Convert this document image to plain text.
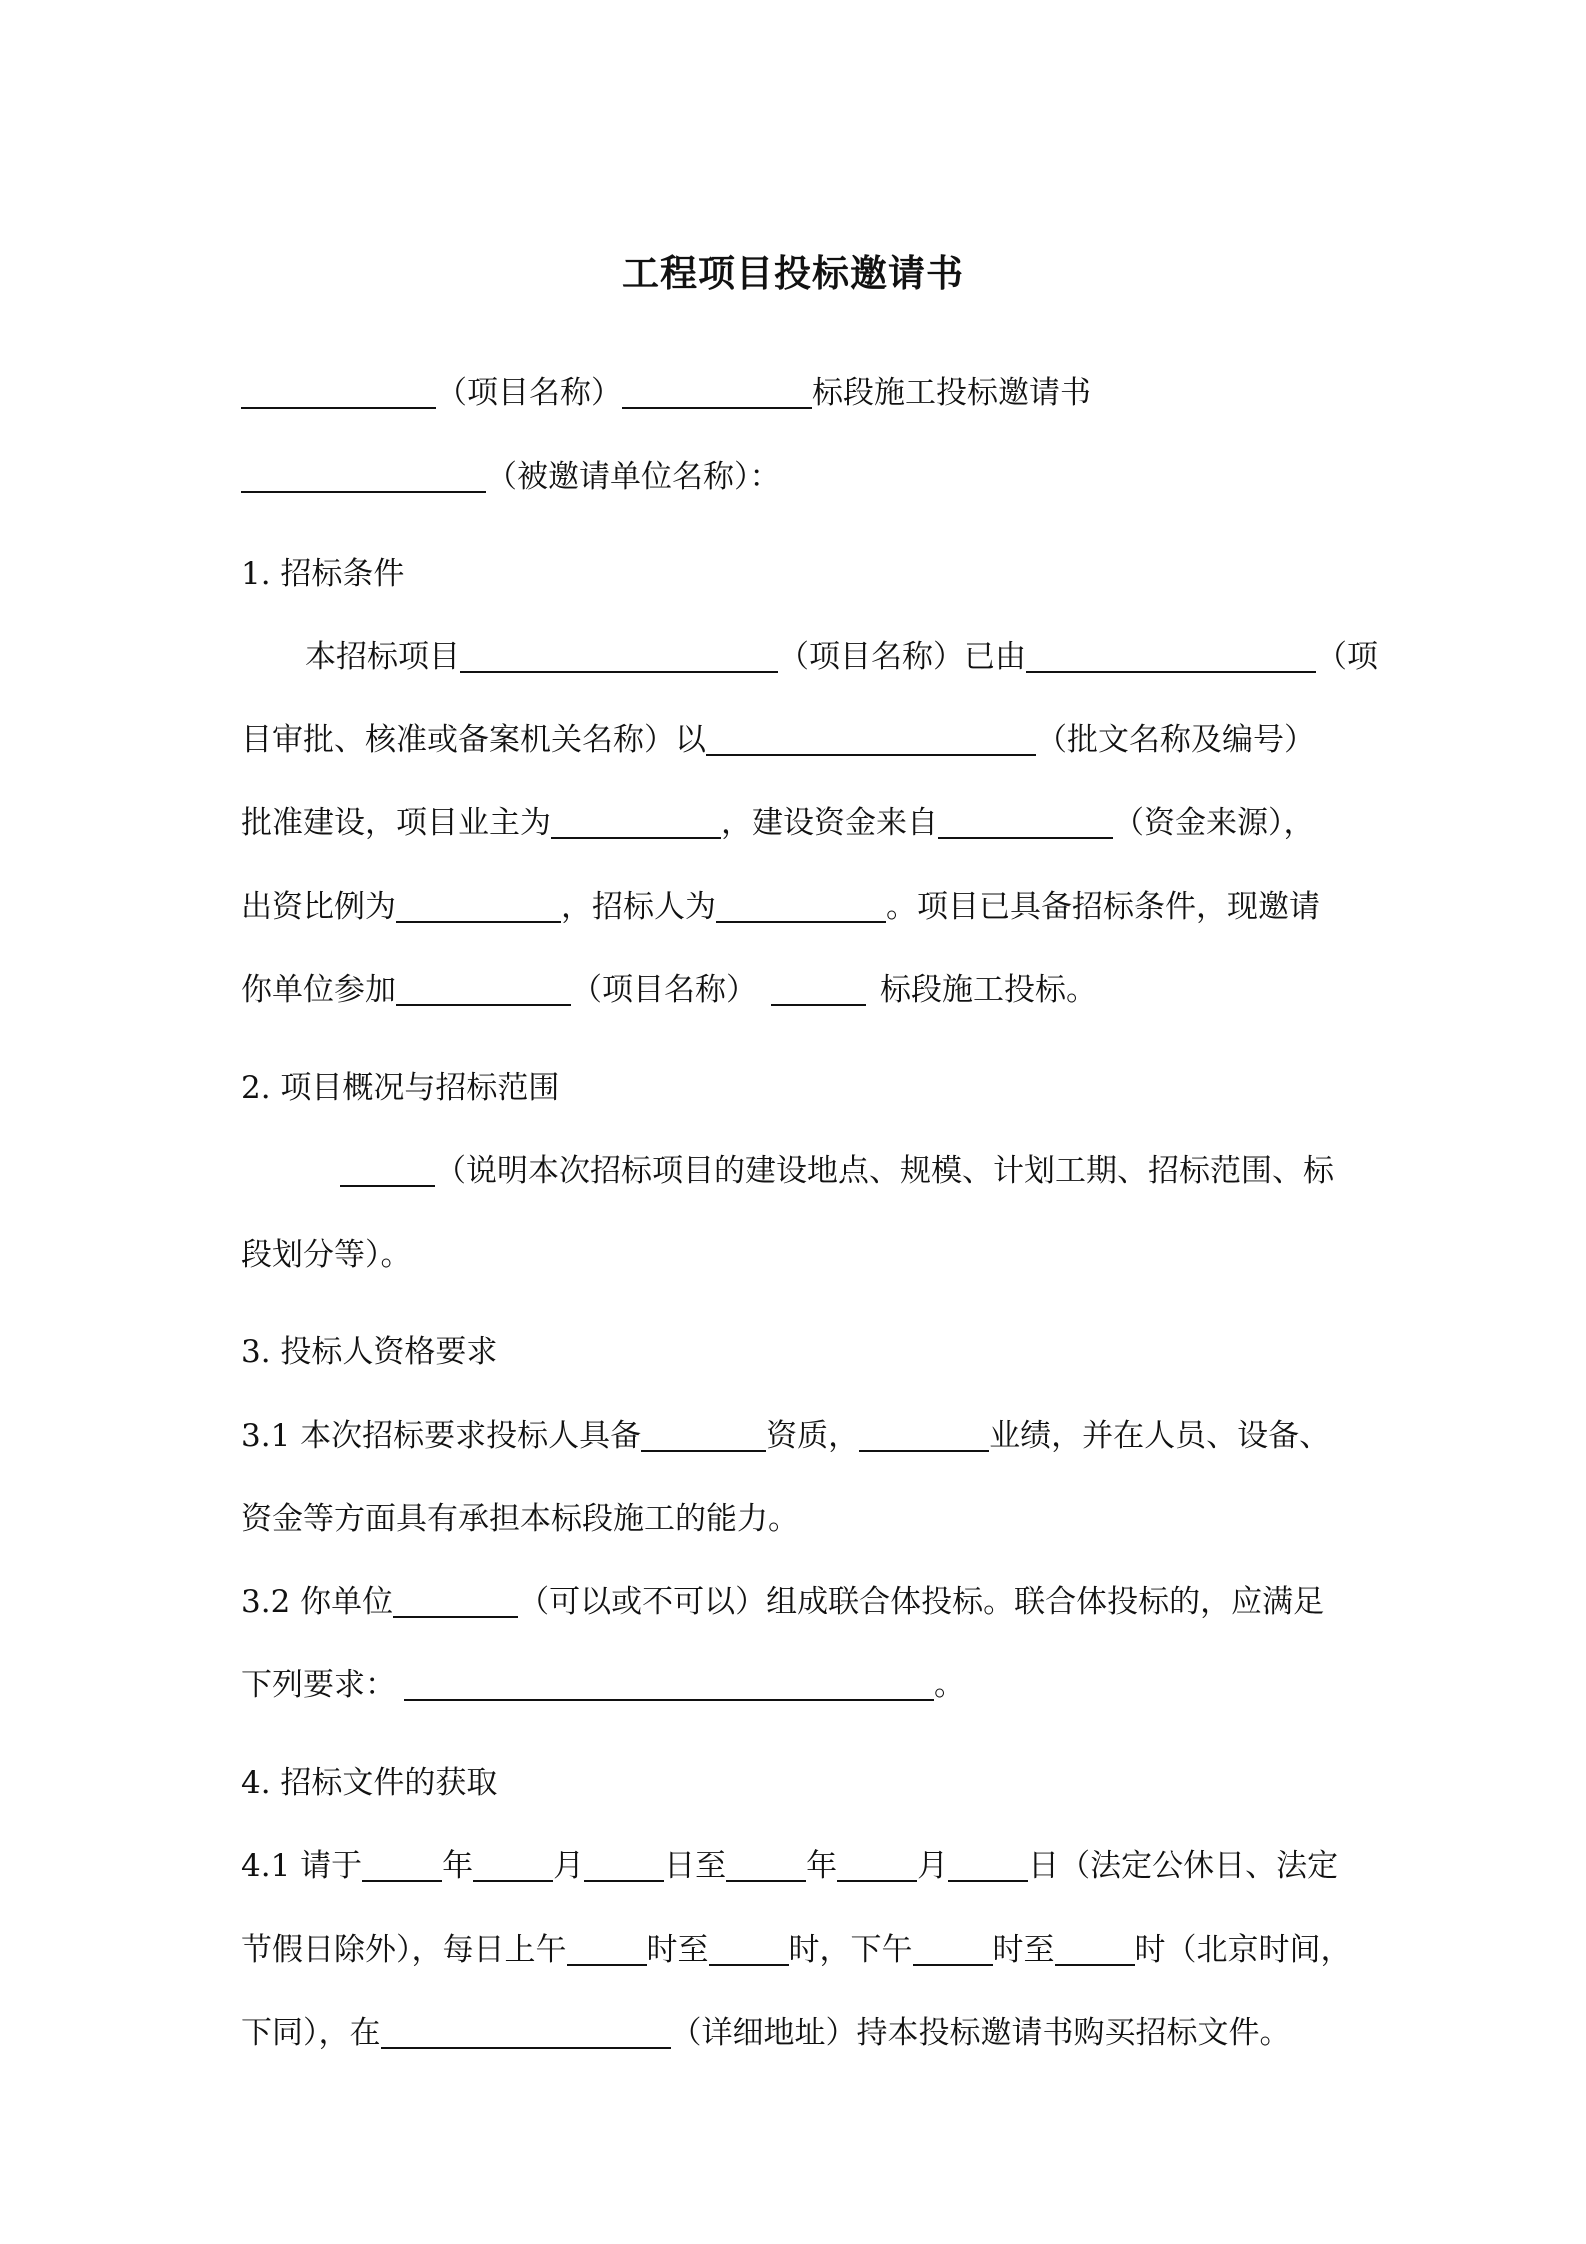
工程项目投标邀请书
（项目名称）	标段施工投标邀请书
（被邀请单位名称）：
1. 招标条件
本招标项目	（项目名称）已由	（项
目审批、核准或备案机关名称）以	（批文名称及编号）
批准建设，项目业主为	，建设资金来自	（资金来源），
出资比例为	，招标人为	。项目已具备招标条件，现邀请
你单位参加	（项目名称）	标段施工投标。
2. 项目概况与招标范围
（说明本次招标项目的建设地点、规模、计划工期、招标范围、标
段划分等）。
3. 投标人资格要求
3.1 本次招标要求投标人具备	资质，	业绩，并在人员、设备、
资金等方面具有承担本标段施工的能力。
3.2 你单位	（可以或不可以）组成联合体投标。联合体投标的，应满足
下列要求：	。
4. 招标文件的获取
4.1 请于	年	月	日至	年	月	日（法定公休日、法定
节假日除外），每日上午	时至	时，下午	时至	时（北京时间，
下同），在	（详细地址）持本投标邀请书购买招标文件。
